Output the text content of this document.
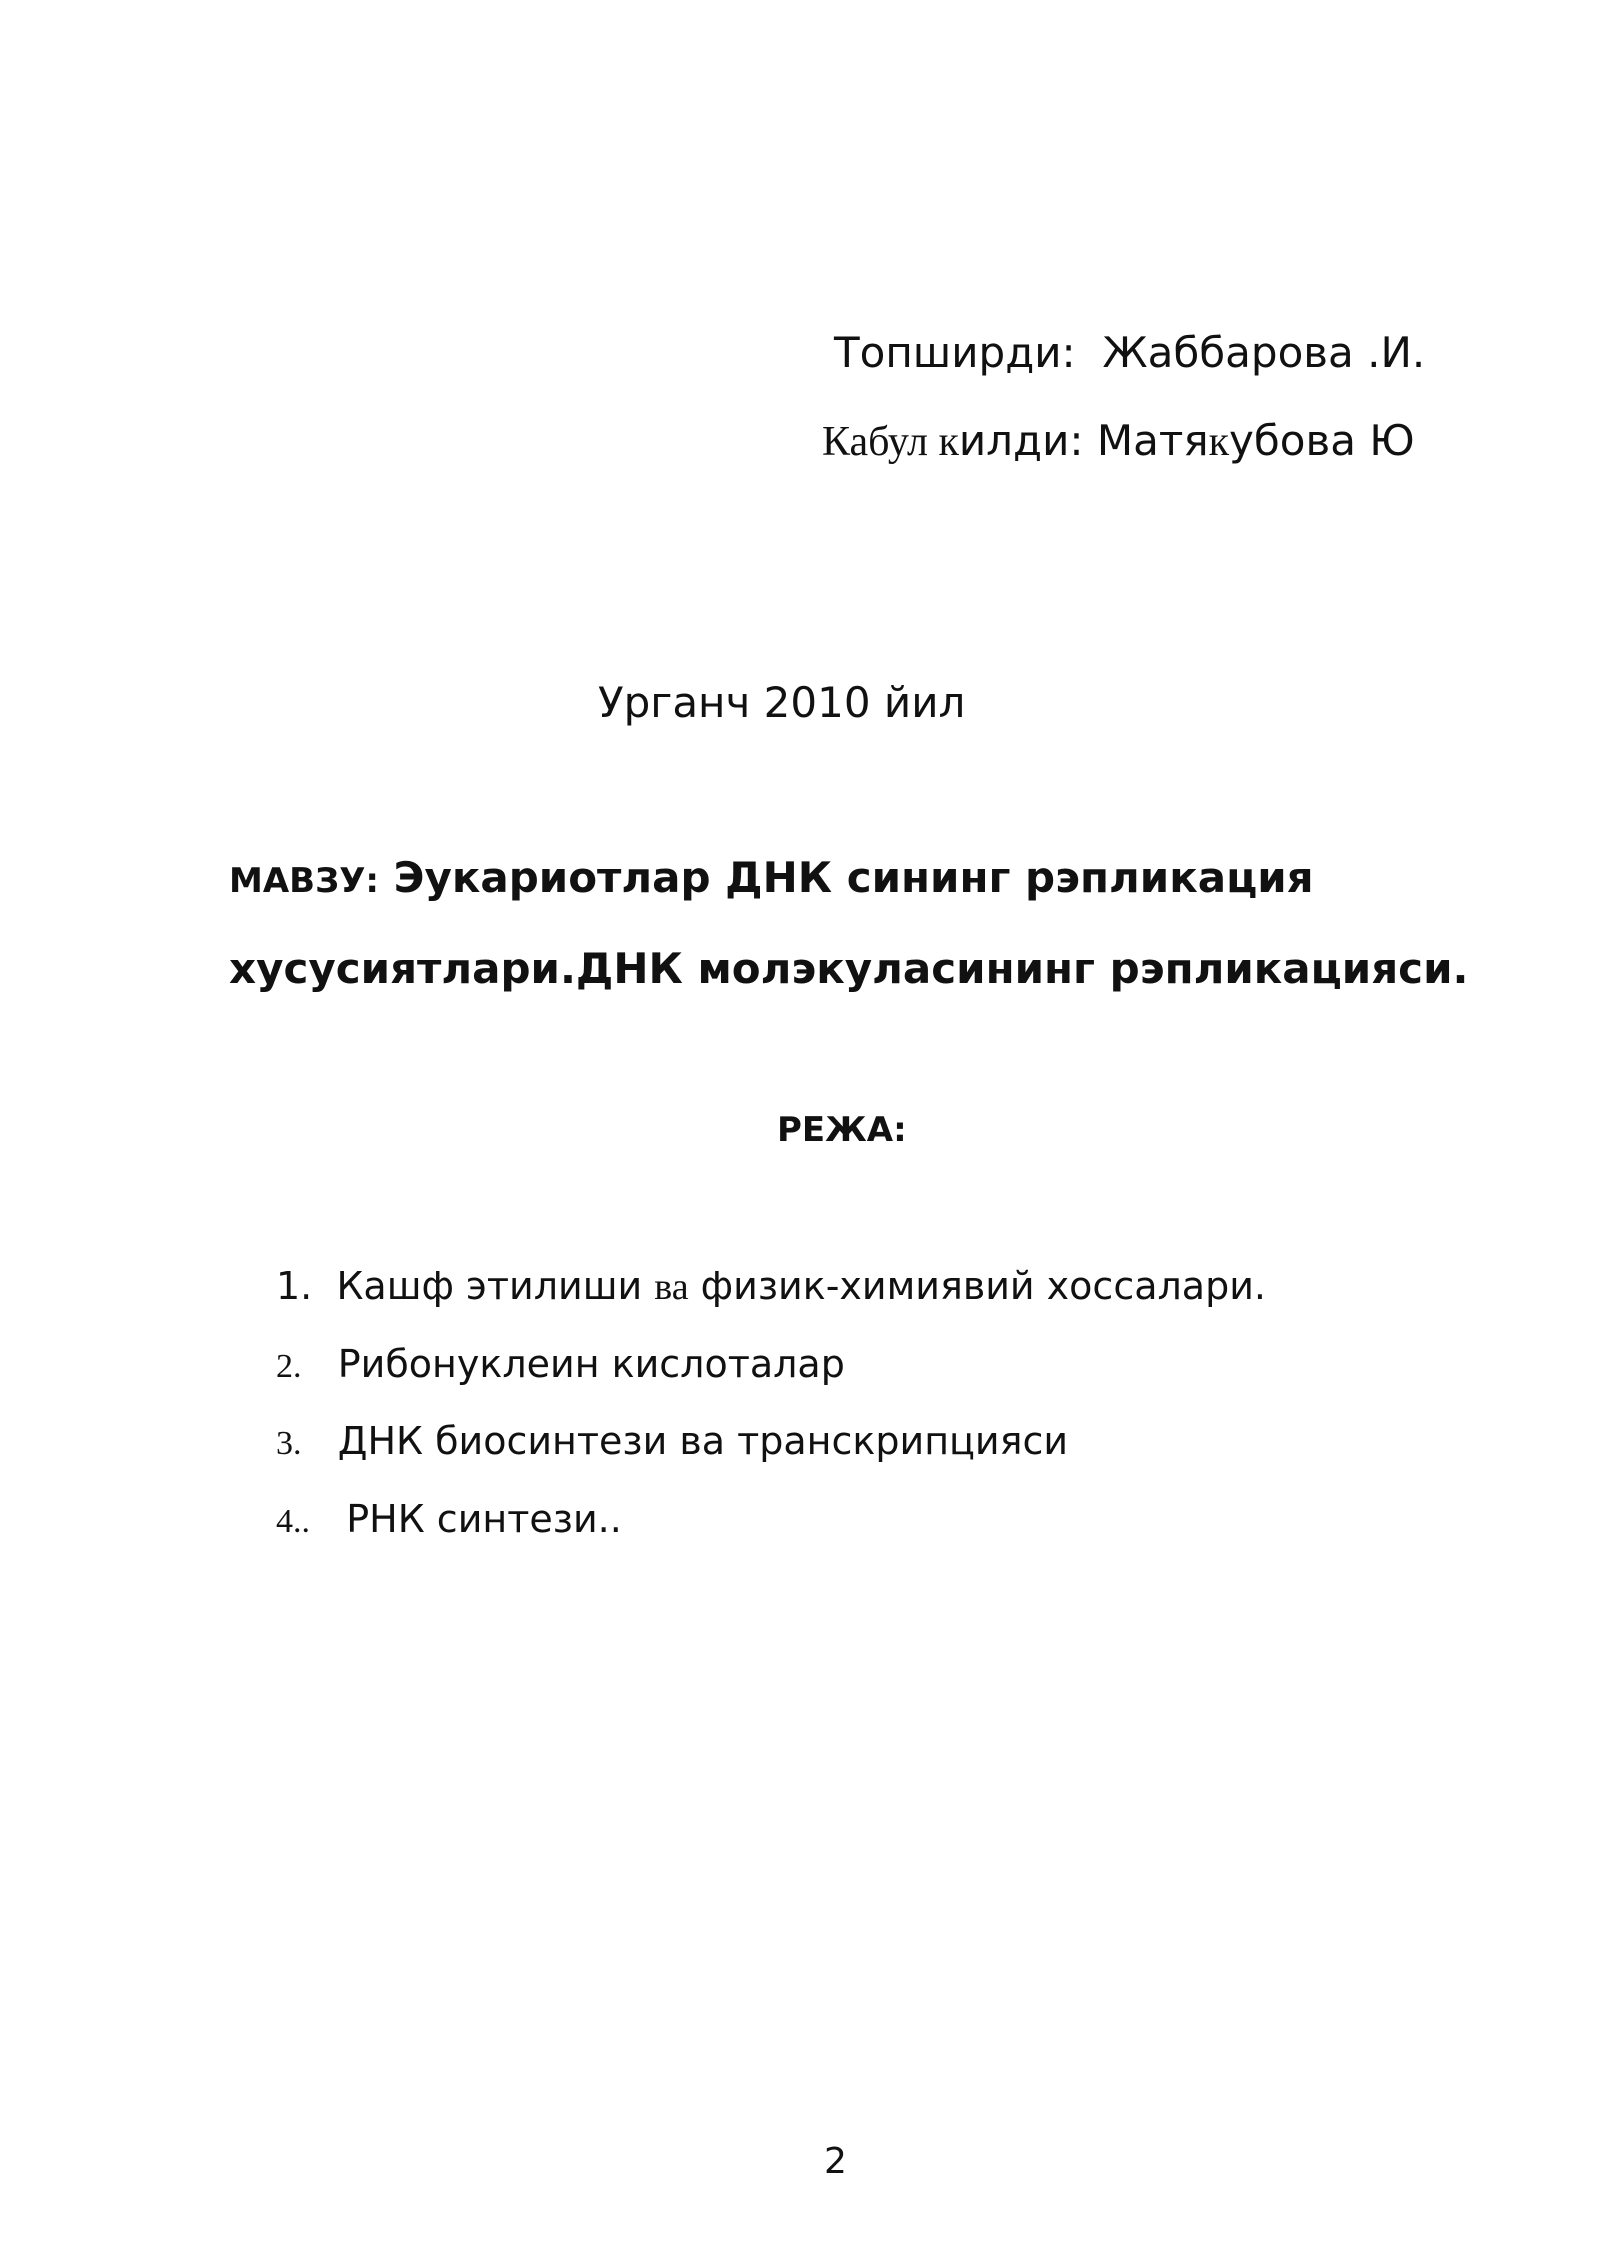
Топширди: Жаббарова .И.
Кабул килди: Матякубова Ю
Урганч 2010 йил
МАВЗУ: Эукариотлар ДНК сининг рэпликация
хусусиятлари.ДНК молэкуласининг рэпликацияси.
РЕЖА:
1. Кашф этилиши ва физик-химиявий хоссалари.
2. Рибонуклеин кислоталар
3. ДНК биосинтези ва транскрипцияси
4.. РНК синтези..
2
